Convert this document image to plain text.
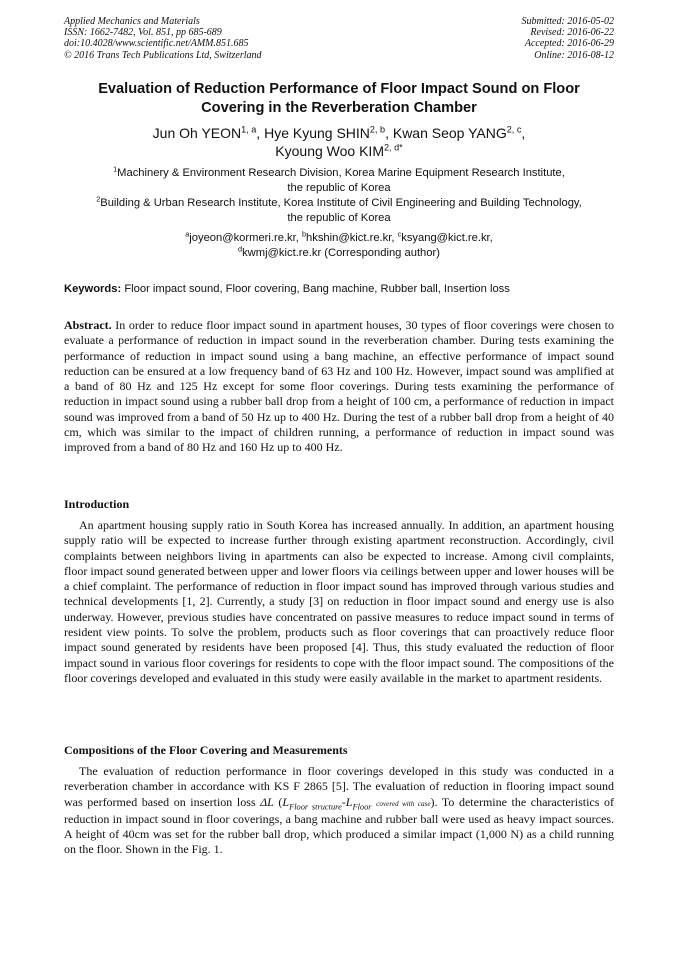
Applied Mechanics and Materials
ISSN: 1662-7482, Vol. 851, pp 685-689
doi:10.4028/www.scientific.net/AMM.851.685
© 2016 Trans Tech Publications Ltd, Switzerland
Submitted: 2016-05-02
Revised: 2016-06-22
Accepted: 2016-06-29
Online: 2016-08-12
Evaluation of Reduction Performance of Floor Impact Sound on Floor
Covering in the Reverberation Chamber
Jun Oh YEON$^{1, a}$, Hye Kyung SHIN$^{2, b}$, Kwan Seop YANG$^{2, c}$,
Kyoung Woo $KIM^{2, d*}$
$^1$Machinery & Environment Research Division, Korea Marine Equipment Research Institute,
the republic of Korea
$^2$Building & Urban Research Institute, Korea Institute of Civil Engineering and Building Technology,
the republic of Korea
$^a$joyeon@kormeri.re.kr, $^b$hkshin@kict.re.kr, $^c$ksyang@kict.re.kr,
$^d$kwmj@kict.re.kr (Corresponding author)
Keywords: Floor impact sound, Floor covering, Bang machine, Rubber ball, Insertion loss
Abstract. In order to reduce floor impact sound in apartment houses, 30 types of floor coverings were chosen to evaluate a performance of reduction in impact sound in the reverberation chamber. During tests examining the performance of reduction in impact sound using a bang machine, an effective performance of impact sound reduction can be ensured at a low frequency band of 63 Hz and 100 Hz. However, impact sound was amplified at a band of 80 Hz and 125 Hz except for some floor coverings. During tests examining the performance of reduction in impact sound using a rubber ball drop from a height of 100 cm, a performance of reduction in impact sound was improved from a band of 50 Hz up to 400 Hz. During the test of a rubber ball drop from a height of 40 cm, which was similar to the impact of children running, a performance of reduction in impact sound was improved from a band of 80 Hz and 160 Hz up to 400 Hz.
Introduction
An apartment housing supply ratio in South Korea has increased annually. In addition, an apartment housing supply ratio will be expected to increase further through existing apartment reconstruction. Accordingly, civil complaints between neighbors living in apartments can also be expected to increase. Among civil complaints, floor impact sound generated between upper and lower floors via ceilings between upper and lower houses will be a chief complaint. The performance of reduction in floor impact sound has improved through various studies and technical developments [1, 2]. Currently, a study [3] on reduction in floor impact sound and energy use is also underway. However, previous studies have concentrated on passive measures to reduce impact sound in terms of resident view points. To solve the problem, products such as floor coverings that can proactively reduce floor impact sound generated by residents have been proposed [4]. Thus, this study evaluated the reduction of floor impact sound in various floor coverings for residents to cope with the floor impact sound. The compositions of the floor coverings developed and evaluated in this study were easily available in the market to apartment residents.
Compositions of the Floor Covering and Measurements
The evaluation of reduction performance in floor coverings developed in this study was conducted in a reverberation chamber in accordance with KS F 2865 [5]. The evaluation of reduction in flooring impact sound was performed based on insertion loss ΔL ($L_{Floor structure}-L_{Floor}$ covered with case). To determine the characteristics of reduction in impact sound in floor coverings, a bang machine and rubber ball were used as heavy impact sources. A height of 40cm was set for the rubber ball drop, which produced a similar impact (1,000 N) as a child running on the floor. Shown in the Fig. 1.
